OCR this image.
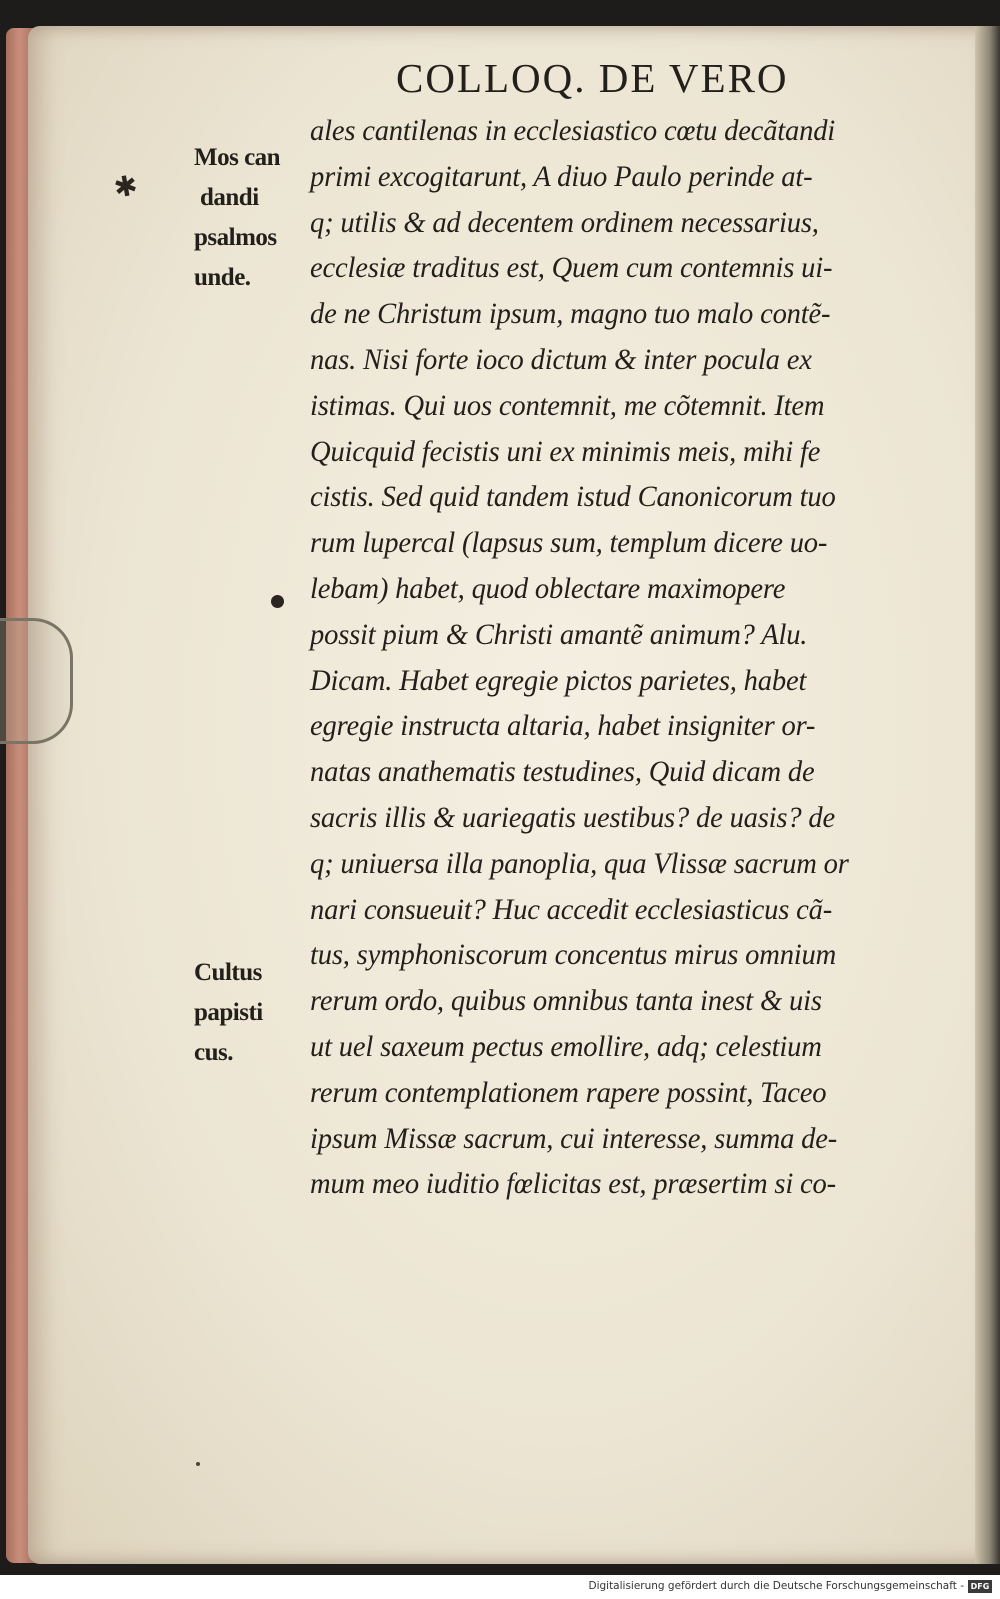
COLLOQ. DE VERO
Mos can
dandi
psalmos
unde.
Cultus
papisti
cus.
✱
ales cantilenas in ecclesiastico cœtu decãtandi
primi excogitarunt, A diuo Paulo perinde at-
q; utilis & ad decentem ordinem necessarius,
ecclesiæ traditus est, Quem cum contemnis ui-
de ne Christum ipsum, magno tuo malo contẽ-
nas. Nisi forte ioco dictum & inter pocula ex
istimas. Qui uos contemnit, me cõtemnit. Item
Quicquid fecistis uni ex minimis meis, mihi fe
cistis. Sed quid tandem istud Canonicorum tuo
rum lupercal (lapsus sum, templum dicere uo-
lebam) habet, quod oblectare maximopere
possit pium & Christi amantẽ animum? Alu.
Dicam. Habet egregie pictos parietes, habet
egregie instructa altaria, habet insigniter or-
natas anathematis testudines, Quid dicam de
sacris illis & uariegatis uestibus? de uasis? de
q; uniuersa illa panoplia, qua Vlissæ sacrum or
nari consueuit? Huc accedit ecclesiasticus cã-
tus, symphoniscorum concentus mirus omnium
rerum ordo, quibus omnibus tanta inest & uis
ut uel saxeum pectus emollire, adq; celestium
rerum contemplationem rapere possint, Taceo
ipsum Missæ sacrum, cui interesse, summa de-
mum meo iuditio fœlicitas est, præsertim si co-
Digitalisierung gefördert durch die Deutsche Forschungsgemeinschaft - DFG
